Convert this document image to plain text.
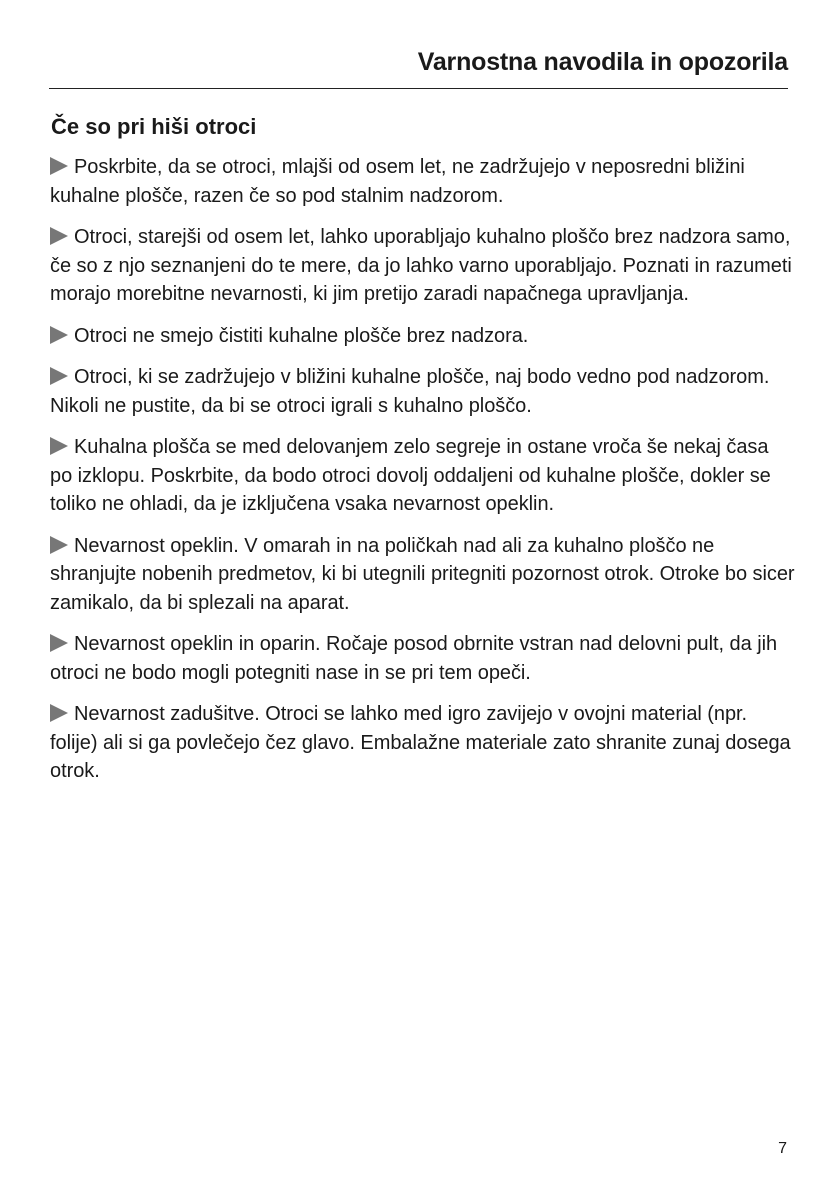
Varnostna navodila in opozorila
Če so pri hiši otroci

Poskrbite, da se otroci, mlajši od osem let, ne zadržujejo v neposredni bližini kuhalne plošče, razen če so pod stalnim nadzorom.

Otroci, starejši od osem let, lahko uporabljajo kuhalno ploščo brez nadzora samo, če so z njo seznanjeni do te mere, da jo lahko varno uporabljajo. Poznati in razumeti morajo morebitne nevarnosti, ki jim pretijo zaradi napačnega upravljanja.

Otroci ne smejo čistiti kuhalne plošče brez nadzora.

Otroci, ki se zadržujejo v bližini kuhalne plošče, naj bodo vedno pod nadzorom. Nikoli ne pustite, da bi se otroci igrali s kuhalno ploščo.

Kuhalna plošča se med delovanjem zelo segreje in ostane vroča še nekaj časa po izklopu. Poskrbite, da bodo otroci dovolj oddaljeni od kuhalne plošče, dokler se toliko ne ohladi, da je izključena vsaka nevarnost opeklin.

Nevarnost opeklin. V omarah in na poličkah nad ali za kuhalno ploščo ne shranjujte nobenih predmetov, ki bi utegnili pritegniti pozornost otrok. Otroke bo sicer zamikalo, da bi splezali na aparat.

Nevarnost opeklin in oparin. Ročaje posod obrnite vstran nad delovni pult, da jih otroci ne bodo mogli potegniti nase in se pri tem opeči.

Nevarnost zadušitve. Otroci se lahko med igro zavijejo v ovojni material (npr. folije) ali si ga povlečejo čez glavo. Embalažne materiale zato shranite zunaj dosega otrok.

7
